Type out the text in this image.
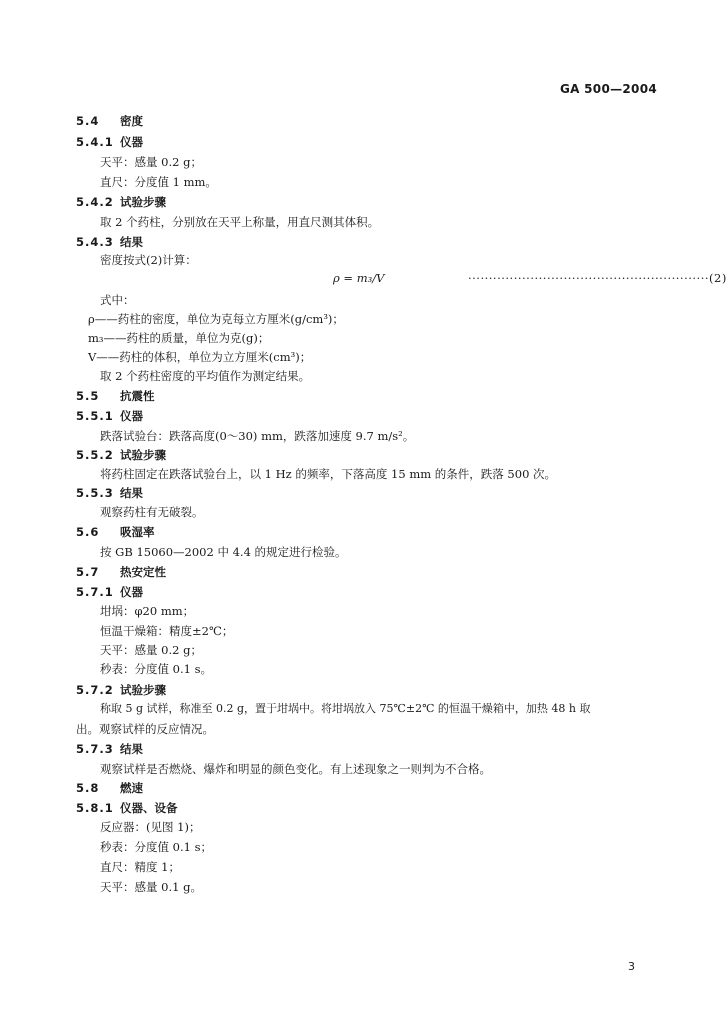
GA 500—2004
5.4 密度
5.4.1 仪器
天平：感量 0.2 g；
直尺：分度值 1 mm。
5.4.2 试验步骤
取 2 个药柱，分别放在天平上称量，用直尺测其体积。
5.4.3 结果
密度按式(2)计算：
ρ = m₃/V	··························································(2)
式中：
ρ——药柱的密度，单位为克每立方厘米(g/cm³)；
m₃——药柱的质量，单位为克(g)；
V——药柱的体积，单位为立方厘米(cm³)；
取 2 个药柱密度的平均值作为测定结果。
5.5 抗震性
5.5.1 仪器
跌落试验台：跌落高度(0～30) mm，跌落加速度 9.7 m/s²。
5.5.2 试验步骤
将药柱固定在跌落试验台上，以 1 Hz 的频率，下落高度 15 mm 的条件，跌落 500 次。
5.5.3 结果
观察药柱有无破裂。
5.6 吸湿率
按 GB 15060—2002 中 4.4 的规定进行检验。
5.7 热安定性
5.7.1 仪器
坩埚：φ20 mm；
恒温干燥箱：精度±2℃；
天平：感量 0.2 g；
秒表：分度值 0.1 s。
5.7.2 试验步骤
称取 5 g 试样，称准至 0.2 g，置于坩埚中。将坩埚放入 75℃±2℃ 的恒温干燥箱中，加热 48 h 取
出。观察试样的反应情况。
5.7.3 结果
观察试样是否燃烧、爆炸和明显的颜色变化。有上述现象之一则判为不合格。
5.8 燃速
5.8.1 仪器、设备
反应器：(见图 1)；
秒表：分度值 0.1 s；
直尺：精度 1；
天平：感量 0.1 g。
3
